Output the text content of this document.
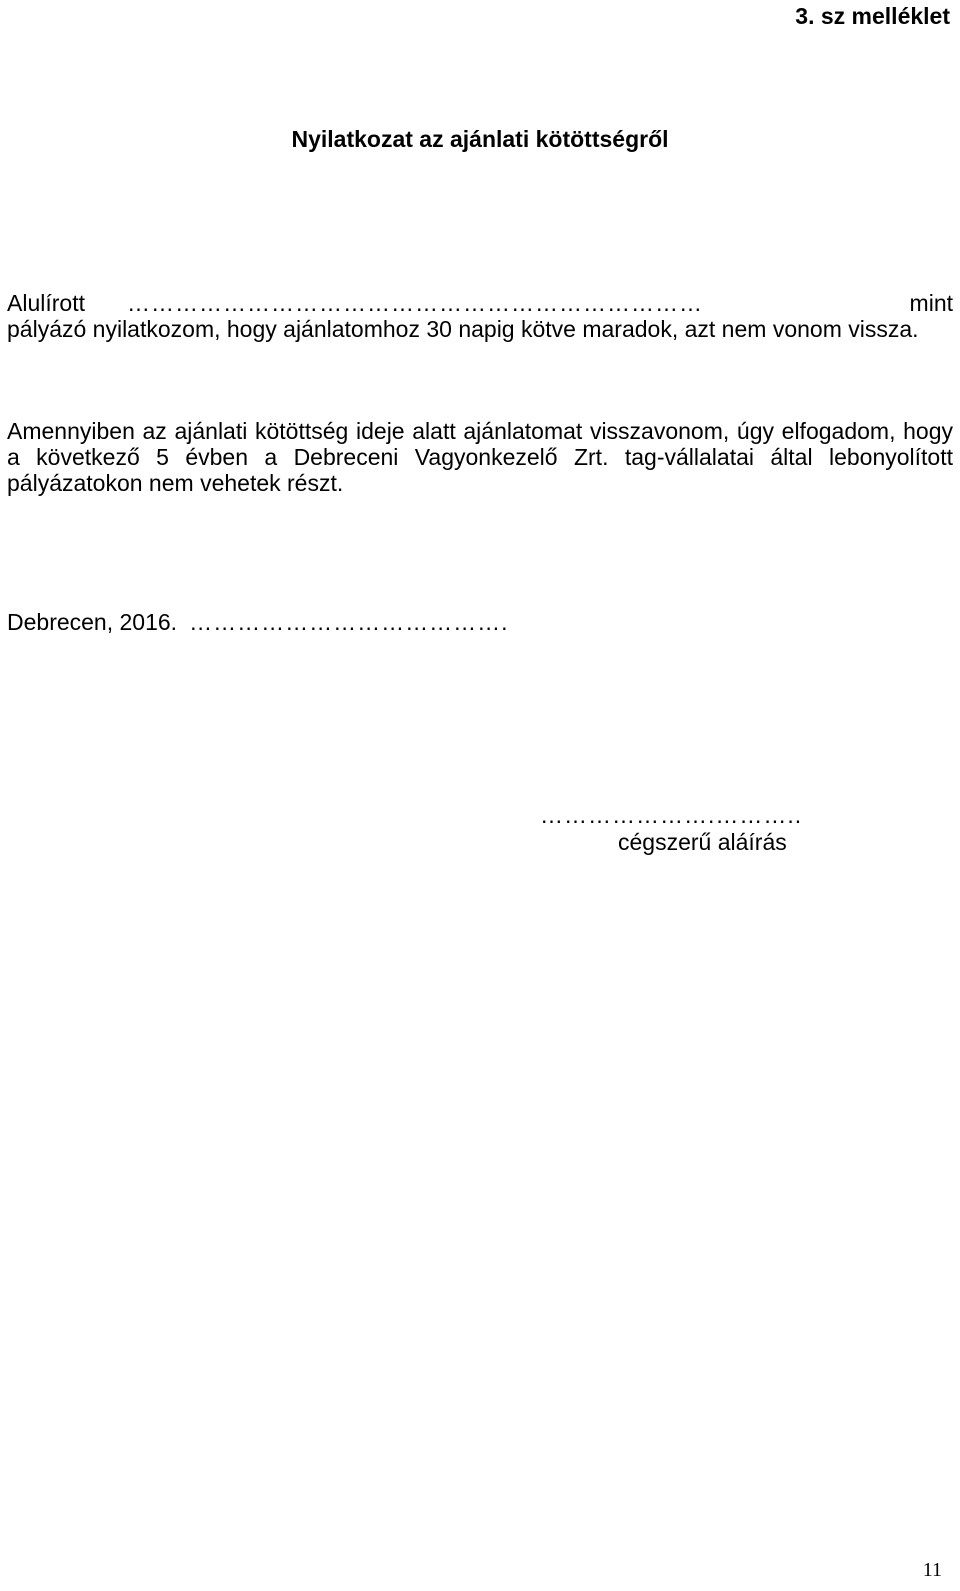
3. sz melléklet
Nyilatkozat az ajánlati kötöttségről
Alulírott ………………………………………………………………	mint
pályázó nyilatkozom, hogy ajánlatomhoz 30 napig kötve maradok, azt nem vonom vissza.
Amennyiben az ajánlati kötöttség ideje alatt ajánlatomat visszavonom, úgy elfogadom, hogy a következő 5 évben a Debreceni Vagyonkezelő Zrt. tag-vállalatai által lebonyolított pályázatokon nem vehetek részt.
Debrecen, 2016. ………………………………….
………………….………..
cégszerű aláírás
11
